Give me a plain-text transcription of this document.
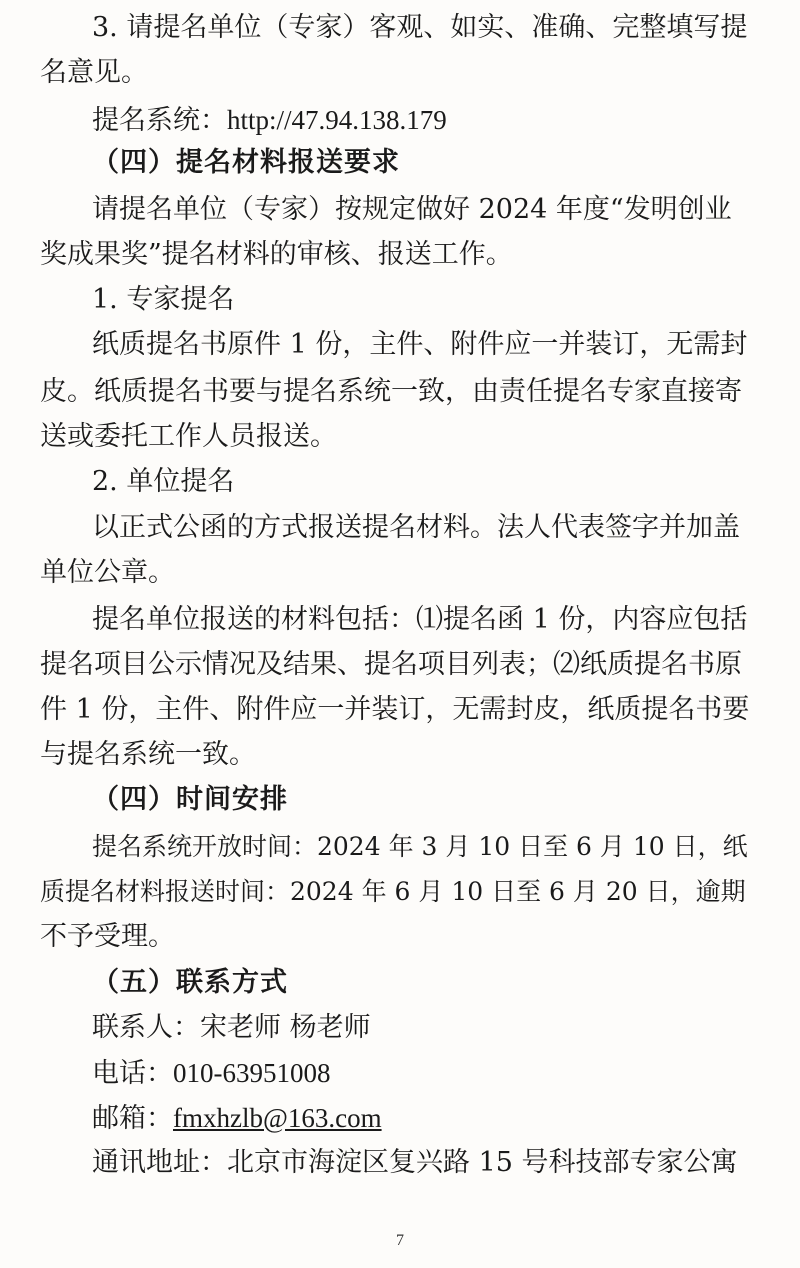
3. 请提名单位（专家）客观、如实、准确、完整填写提
名意见。
提名系统：http://47.94.138.179
（四）提名材料报送要求
请提名单位（专家）按规定做好 2024 年度“发明创业
奖成果奖”提名材料的审核、报送工作。
1. 专家提名
纸质提名书原件 1 份，主件、附件应一并装订，无需封
皮。纸质提名书要与提名系统一致，由责任提名专家直接寄
送或委托工作人员报送。
2. 单位提名
以正式公函的方式报送提名材料。法人代表签字并加盖
单位公章。
提名单位报送的材料包括：⑴提名函 1 份，内容应包括
提名项目公示情况及结果、提名项目列表；⑵纸质提名书原
件 1 份，主件、附件应一并装订，无需封皮，纸质提名书要
与提名系统一致。
（四）时间安排
提名系统开放时间：2024 年 3 月 10 日至 6 月 10 日，纸
质提名材料报送时间：2024 年 6 月 10 日至 6 月 20 日，逾期
不予受理。
（五）联系方式
联系人：宋老师 杨老师
电话：010-63951008
邮箱：fmxhzlb@163.com
通讯地址：北京市海淀区复兴路 15 号科技部专家公寓
7
